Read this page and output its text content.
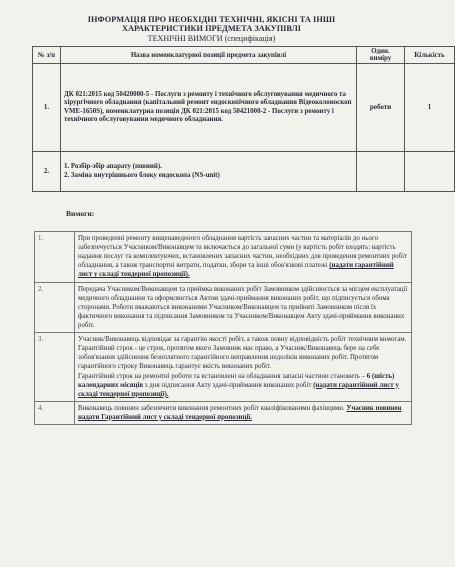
ІНФОРМАЦІЯ ПРО НЕОБХІДНІ ТЕХНІЧНІ, ЯКІСНІ ТА ІНШІ
ХАРАКТЕРИСТИКИ ПРЕДМЕТА ЗАКУПІВЛІ
ТЕХНІЧНІ ВИМОГИ (специфікація)
№ з/п	Назва номенклатурної позиції предмета закупівлі	Один. виміру	Кількість
1.	ДК 021:2015 код 50420000-5 - Послуги з ремонту і технічного обслуговування медичного та хірургічного обладнання (капітальний ремонт ендоскопічного обладнання Відеоколоноскоп VME-1650S), номенклатурна позиція ДК 021:2015 код 50421000-2 - Послуги з ремонту і технічного обслуговування медичного обладнання.	роботи	1
2.	1. Розбір-збір апарату (повний).
2. Заміна внутрішнього блоку ендоскопа (NS-unit)		

Вимоги:
1.	При проведенні ремонту вищенаведеного обладнання вартість запасних частин та матеріалів до нього забезпечується Учасником/Виконавцем та включається до загальної суми (у вартість робіт входять: вартість надання послуг та комплектуючих, встановлених запасних частин, необхідних для проведення ремонтних робіт обладнання, а також транспортні витрати, податки, збори та інші обов'язкові платежі (надати гарантійний лист у складі тендерної пропозиції).
2.	Передача Учасником/Виконавцем та приймка виконаних робіт Замовником здійснюється за місцем експлуатації медичного обладнання та оформлюється Актом здачі-приймання виконаних робіт, що підписується обома сторонами. Роботи вважаються виконаними Учасником/Виконавцем та прийняті Замовником після їх фактичного виконання та підписання Замовником та Учасником/Виконавцем Акту здачі-приймання виконаних робіт.
3.	Учасник/Виконавець відповідає за гарантію якості робіт, а також повну відповідність робіт технічним вимогам.
Гарантійний строк - це строк, протягом якого Замовник має право, а Учасник/Виконавець бере на себе зобов'язання здійснення безоплатного гарантійного виправлення недоліків виконаних робіт. Протягом гарантійного строку Виконавець гарантує якість виконаних робіт.
Гарантійний строк на ремонтні роботи та встановлені на обладнання запасні частини становить – 6 (шість) календарних місяців з дня підписання Акту здачі-приймання виконаних робіт (надати гарантійний лист у складі тендерної пропозиції).

4.	Виконавець повинен забезпечити виконання ремонтних робіт кваліфікованими фахівцями. Учасник повинен надати Гарантійний лист у складі тендерної пропозиції.
